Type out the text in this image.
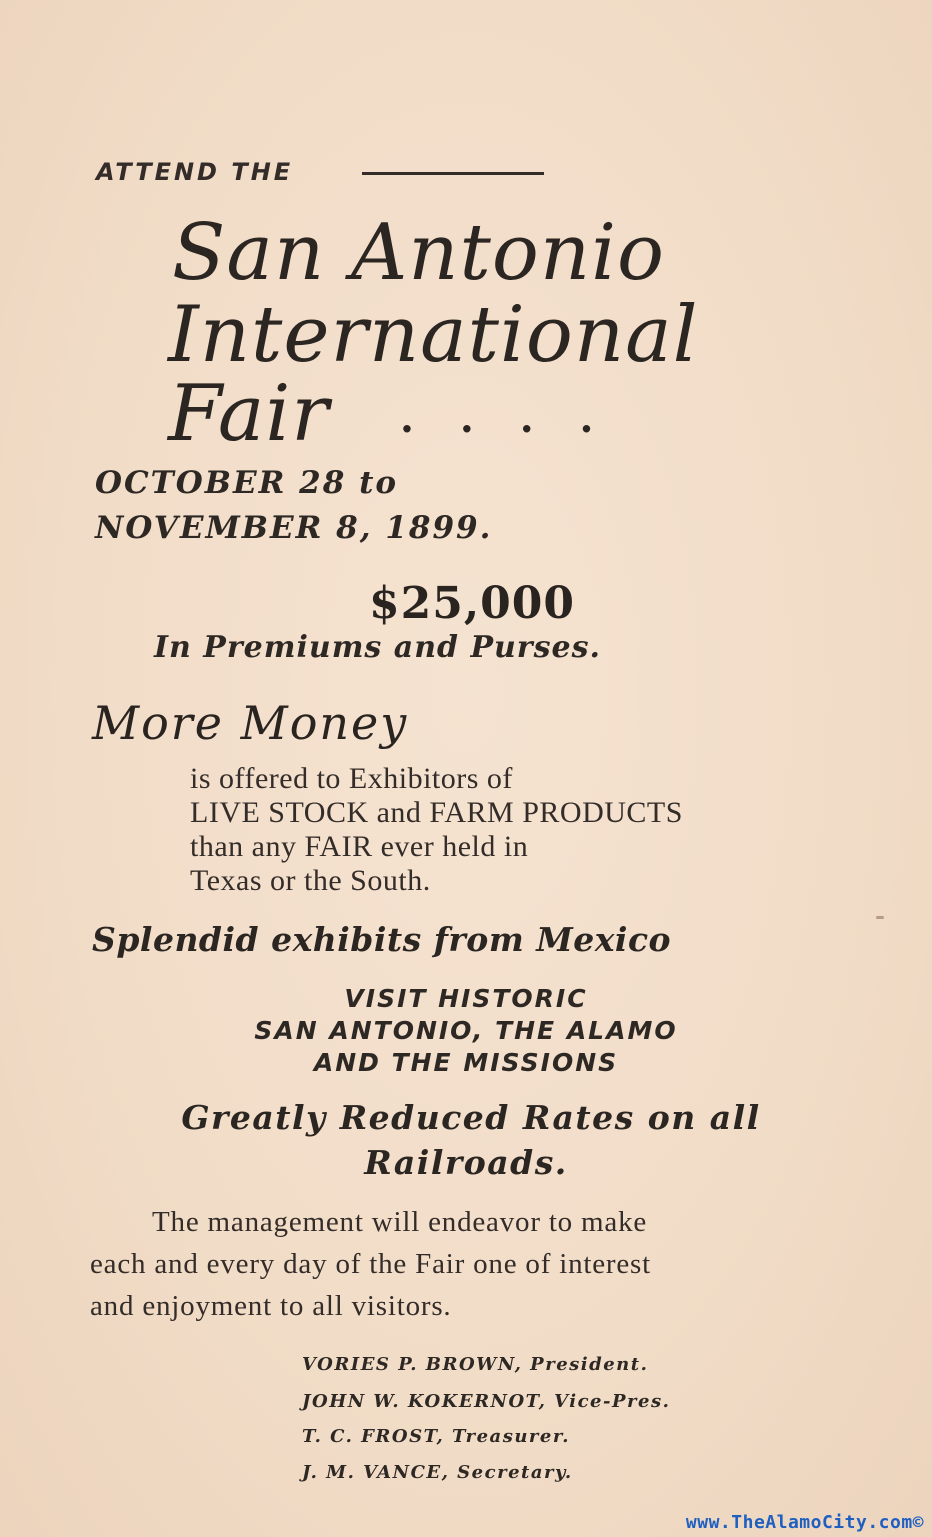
ATTEND THE
San Antonio
International
Fair . . . .
OCTOBER 28 to
NOVEMBER 8, 1899.
$25,000
In Premiums and Purses.
More Money
is offered to Exhibitors of
LIVE STOCK and FARM PRODUCTS
than any FAIR ever held in
Texas or the South.
Splendid exhibits from Mexico
VISIT HISTORIC
SAN ANTONIO, THE ALAMO
AND THE MISSIONS
Greatly Reduced Rates on all
Railroads.
The management will endeavor to make
each and every day of the Fair one of interest
and enjoyment to all visitors.
VORIES P. BROWN, President.
JOHN W. KOKERNOT, Vice-Pres.
T. C. FROST, Treasurer.
J. M. VANCE, Secretary.
www.TheAlamoCity.com©
